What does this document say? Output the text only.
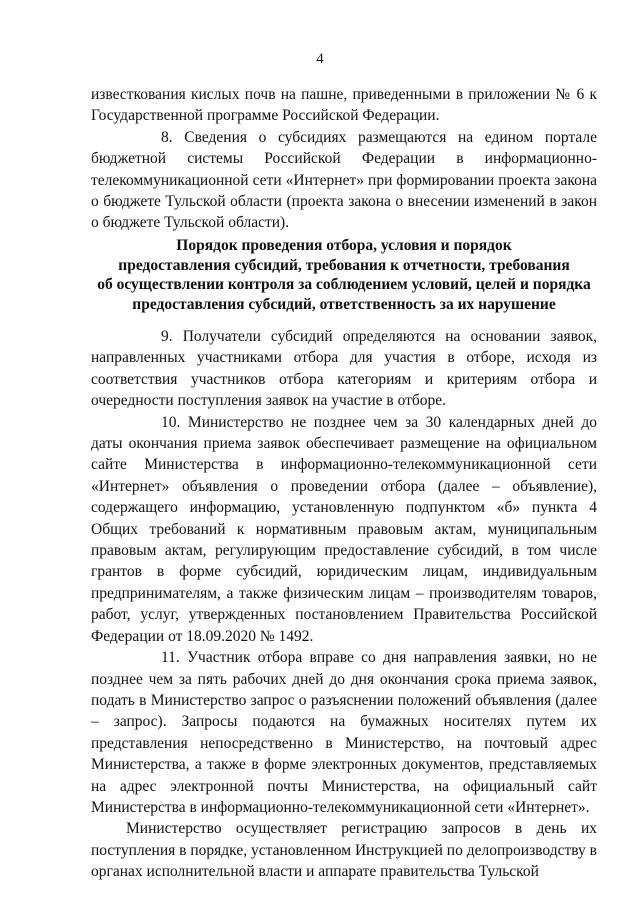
4

известкования кислых почв на пашне, приведенными в приложении № 6 к Государственной программе Российской Федерации.

8. Сведения о субсидиях размещаются на едином портале бюджетной системы Российской Федерации в информационно-телекоммуникационной сети «Интернет» при формировании проекта закона о бюджете Тульской области (проекта закона о внесении изменений в закон о бюджете Тульской области).

Порядок проведения отбора, условия и порядок
предоставления субсидий, требования к отчетности, требования
об осуществлении контроля за соблюдением условий, целей и порядка
предоставления субсидий, ответственность за их нарушение

9. Получатели субсидий определяются на основании заявок, направленных участниками отбора для участия в отборе, исходя из соответствия участников отбора категориям и критериям отбора и очередности поступления заявок на участие в отборе.

10. Министерство не позднее чем за 30 календарных дней до даты окончания приема заявок обеспечивает размещение на официальном сайте Министерства в информационно-телекоммуникационной сети «Интернет» объявления о проведении отбора (далее – объявление), содержащего информацию, установленную подпунктом «б» пункта 4 Общих требований к нормативным правовым актам, муниципальным правовым актам, регулирующим предоставление субсидий, в том числе грантов в форме субсидий, юридическим лицам, индивидуальным предпринимателям, а также физическим лицам – производителям товаров, работ, услуг, утвержденных постановлением Правительства Российской Федерации от 18.09.2020 № 1492.

11. Участник отбора вправе со дня направления заявки, но не позднее чем за пять рабочих дней до дня окончания срока приема заявок, подать в Министерство запрос о разъяснении положений объявления (далее – запрос). Запросы подаются на бумажных носителях путем их представления непосредственно в Министерство, на почтовый адрес Министерства, а также в форме электронных документов, представляемых на адрес электронной почты Министерства, на официальный сайт Министерства в информационно-телекоммуникационной сети «Интернет».

Министерство осуществляет регистрацию запросов в день их поступления в порядке, установленном Инструкцией по делопроизводству в органах исполнительной власти и аппарате правительства Тульской
